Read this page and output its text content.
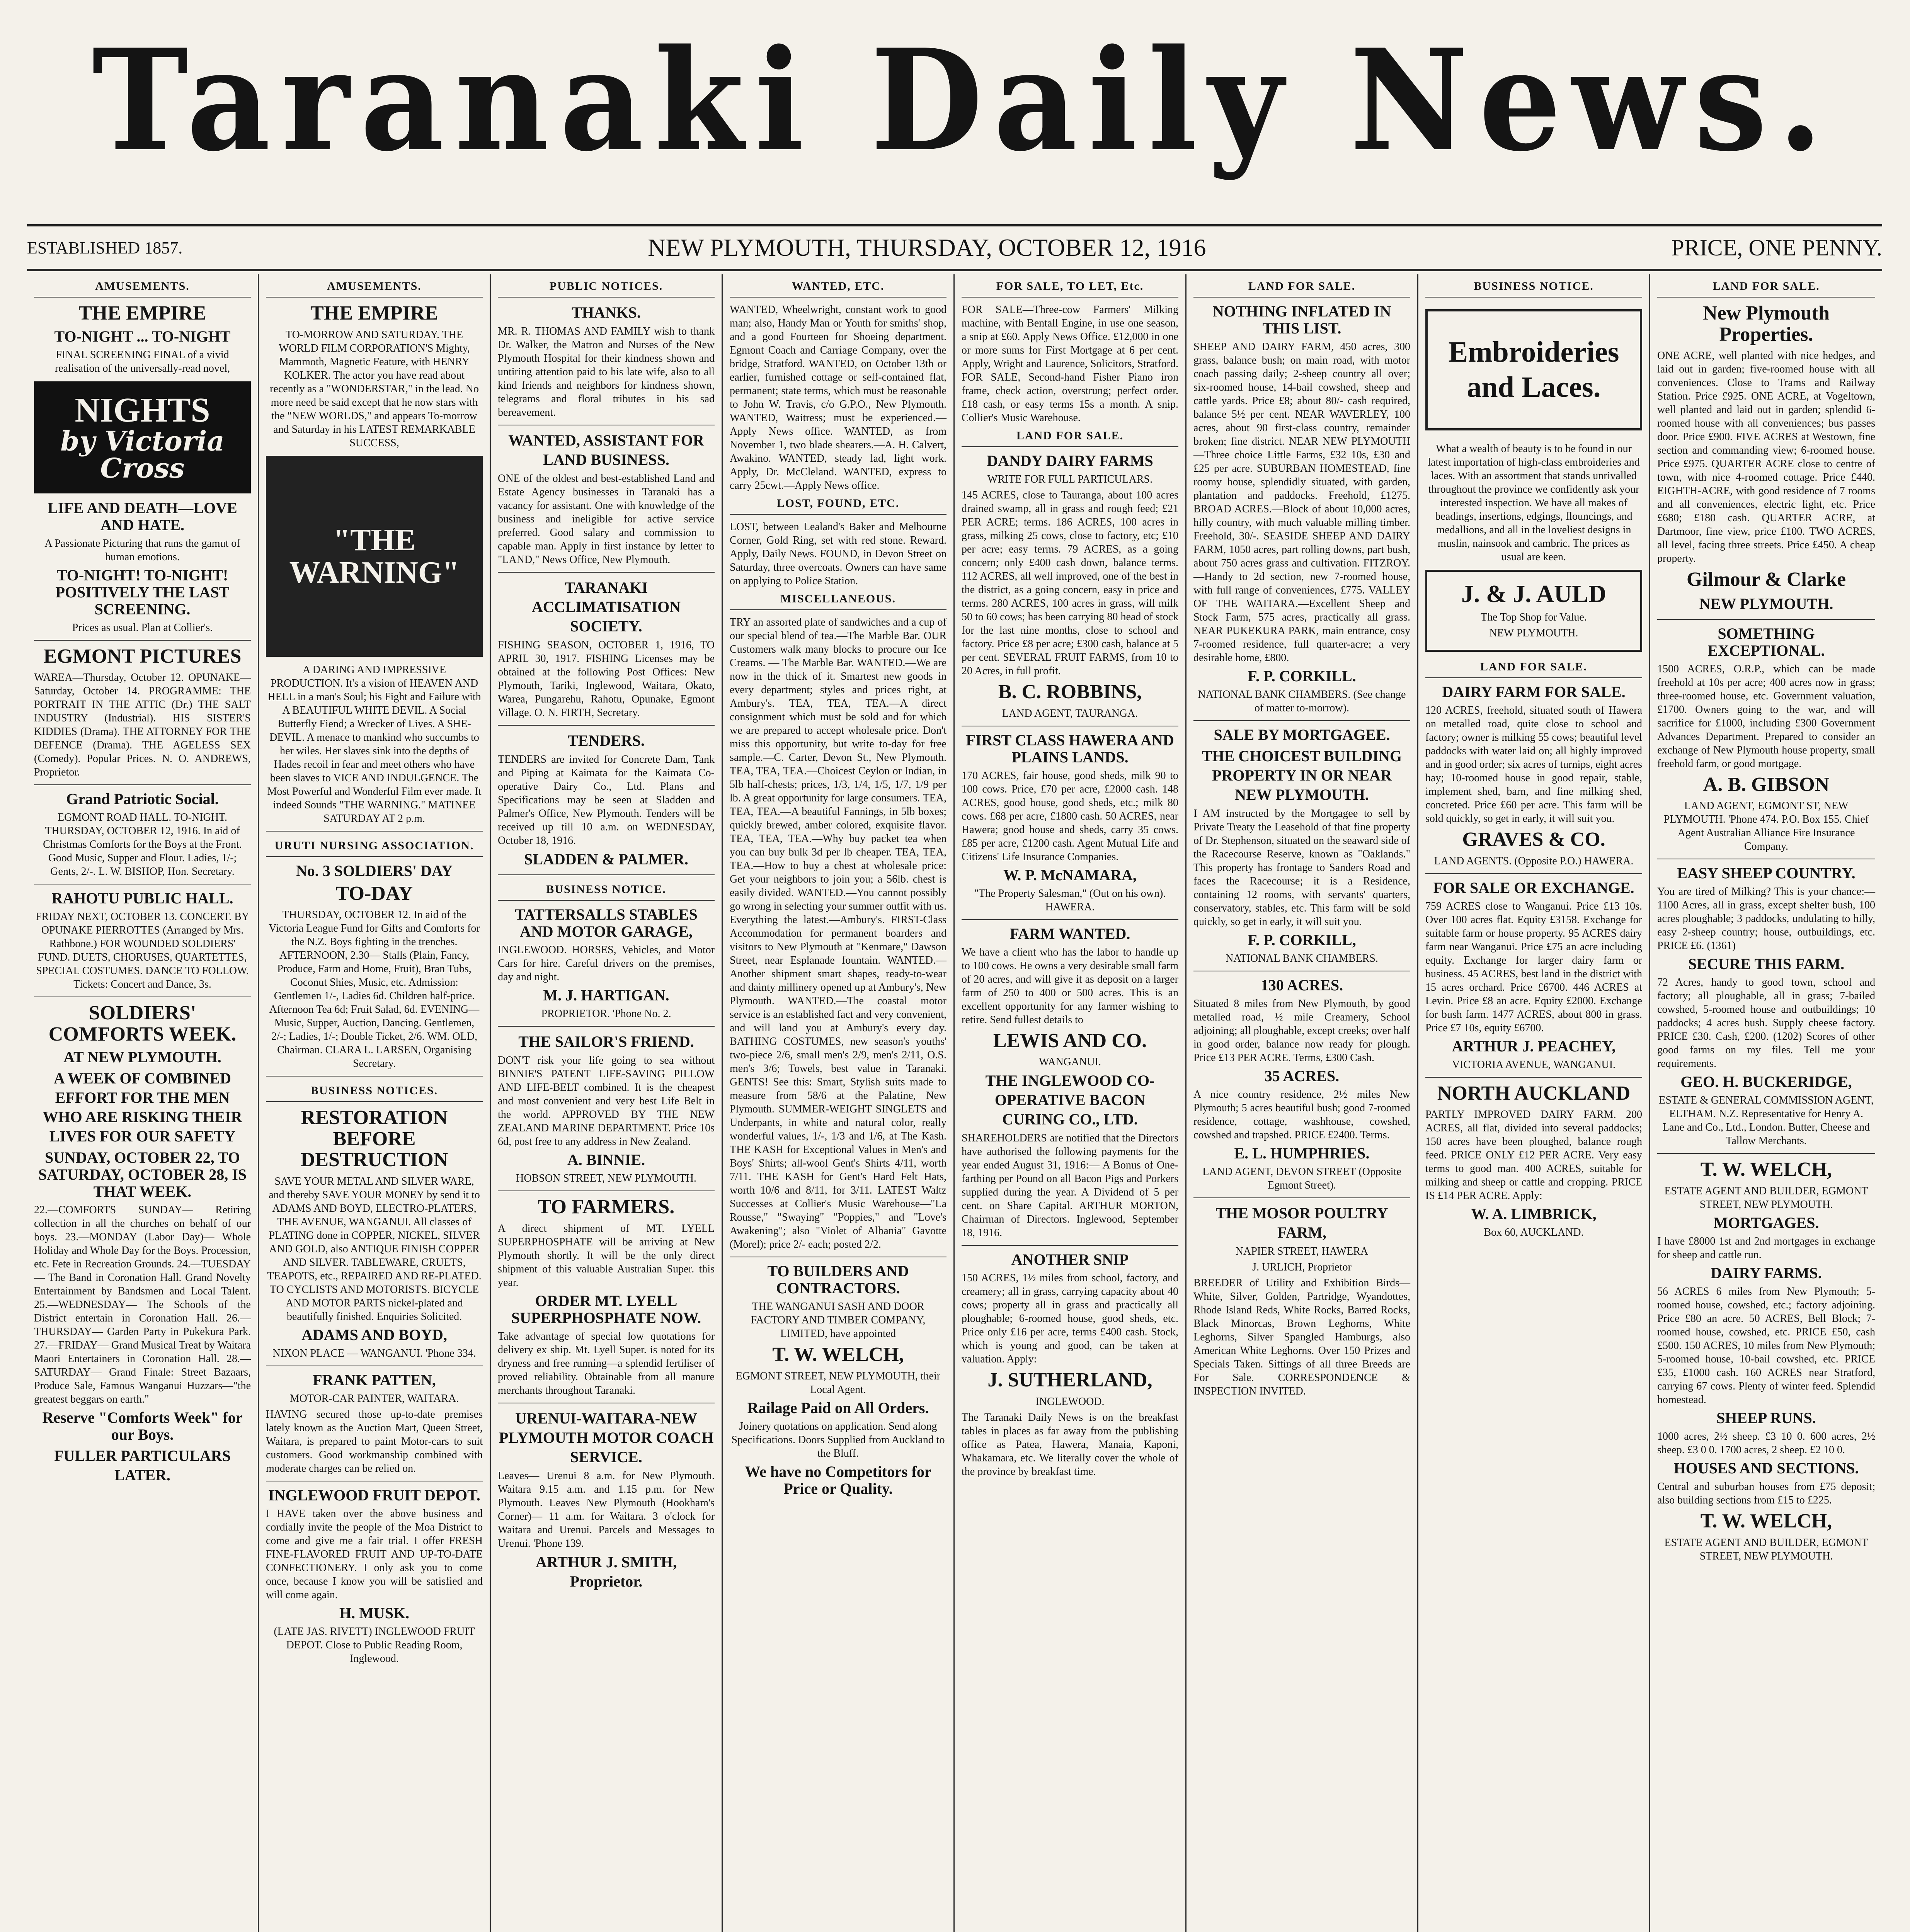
Taranaki Daily News.
ESTABLISHED 1857.	NEW PLYMOUTH, THURSDAY, OCTOBER 12, 1916	PRICE, ONE PENNY.
AMUSEMENTS.
THE EMPIRE
TO-NIGHT ... TO-NIGHT
FINAL SCREENING FINAL of a vivid realisation of the universally-read novel,
NIGHTS
by Victoria Cross
LIFE AND DEATH—LOVE AND HATE.
A Passionate Picturing that runs the gamut of human emotions.
TO-NIGHT! TO-NIGHT! POSITIVELY THE LAST SCREENING.
Prices as usual. Plan at Collier's.
EGMONT PICTURES
WAREA—Thursday, October 12. OPUNAKE—Saturday, October 14. PROGRAMME: THE PORTRAIT IN THE ATTIC (Dr.) THE SALT INDUSTRY (Industrial). HIS SISTER'S KIDDIES (Drama). THE ATTORNEY FOR THE DEFENCE (Drama). THE AGELESS SEX (Comedy). Popular Prices. N. O. ANDREWS, Proprietor.
Grand Patriotic Social.
EGMONT ROAD HALL. TO-NIGHT. THURSDAY, OCTOBER 12, 1916. In aid of Christmas Comforts for the Boys at the Front. Good Music, Supper and Flour. Ladies, 1/-; Gents, 2/-. L. W. BISHOP, Hon. Secretary.
RAHOTU PUBLIC HALL.
FRIDAY NEXT, OCTOBER 13. CONCERT. BY OPUNAKE PIERROTTES (Arranged by Mrs. Rathbone.) FOR WOUNDED SOLDIERS' FUND. DUETS, CHORUSES, QUARTETTES, SPECIAL COSTUMES. DANCE TO FOLLOW. Tickets: Concert and Dance, 3s.
SOLDIERS' COMFORTS WEEK.
AT NEW PLYMOUTH.
A WEEK OF COMBINED EFFORT FOR THE MEN WHO ARE RISKING THEIR LIVES FOR OUR SAFETY
SUNDAY, OCTOBER 22, TO SATURDAY, OCTOBER 28, IS THAT WEEK.
22.—COMFORTS SUNDAY— Retiring collection in all the churches on behalf of our boys. 23.—MONDAY (Labor Day)— Whole Holiday and Whole Day for the Boys. Procession, etc. Fete in Recreation Grounds. 24.—TUESDAY— The Band in Coronation Hall. Grand Novelty Entertainment by Bandsmen and Local Talent. 25.—WEDNESDAY— The Schools of the District entertain in Coronation Hall. 26.—THURSDAY— Garden Party in Pukekura Park. 27.—FRIDAY— Grand Musical Treat by Waitara Maori Entertainers in Coronation Hall. 28.—SATURDAY— Grand Finale: Street Bazaars, Produce Sale, Famous Wanganui Huzzars—"the greatest beggars on earth."
Reserve "Comforts Week" for our Boys.
FULLER PARTICULARS LATER.
AMUSEMENTS.
THE EMPIRE
TO-MORROW AND SATURDAY. THE WORLD FILM CORPORATION'S Mighty, Mammoth, Magnetic Feature, with HENRY KOLKER. The actor you have read about recently as a "WONDERSTAR," in the lead. No more need be said except that he now stars with the "NEW WORLDS," and appears To-morrow and Saturday in his LATEST REMARKABLE SUCCESS,
"THE WARNING"
A DARING AND IMPRESSIVE PRODUCTION. It's a vision of HEAVEN AND HELL in a man's Soul; his Fight and Failure with A BEAUTIFUL WHITE DEVIL. A Social Butterfly Fiend; a Wrecker of Lives. A SHE-DEVIL. A menace to mankind who succumbs to her wiles. Her slaves sink into the depths of Hades recoil in fear and meet others who have been slaves to VICE AND INDULGENCE. The Most Powerful and Wonderful Film ever made. It indeed Sounds "THE WARNING." MATINEE SATURDAY AT 2 p.m.
URUTI NURSING ASSOCIATION.
No. 3 SOLDIERS' DAY
TO-DAY
THURSDAY, OCTOBER 12. In aid of the Victoria League Fund for Gifts and Comforts for the N.Z. Boys fighting in the trenches. AFTERNOON, 2.30— Stalls (Plain, Fancy, Produce, Farm and Home, Fruit), Bran Tubs, Coconut Shies, Music, etc. Admission: Gentlemen 1/-, Ladies 6d. Children half-price. Afternoon Tea 6d; Fruit Salad, 6d. EVENING— Music, Supper, Auction, Dancing. Gentlemen, 2/-; Ladies, 1/-; Double Ticket, 2/6. WM. OLD, Chairman. CLARA L. LARSEN, Organising Secretary.
BUSINESS NOTICES.
RESTORATION BEFORE DESTRUCTION
SAVE YOUR METAL AND SILVER WARE, and thereby SAVE YOUR MONEY by send it to ADAMS AND BOYD, ELECTRO-PLATERS, THE AVENUE, WANGANUI. All classes of PLATING done in COPPER, NICKEL, SILVER AND GOLD, also ANTIQUE FINISH COPPER AND SILVER. TABLEWARE, CRUETS, TEAPOTS, etc., REPAIRED AND RE-PLATED. TO CYCLISTS AND MOTORISTS. BICYCLE AND MOTOR PARTS nickel-plated and beautifully finished. Enquiries Solicited.
ADAMS AND BOYD,
NIXON PLACE — WANGANUI. 'Phone 334.
FRANK PATTEN,
MOTOR-CAR PAINTER, WAITARA.
HAVING secured those up-to-date premises lately known as the Auction Mart, Queen Street, Waitara, is prepared to paint Motor-cars to suit customers. Good workmanship combined with moderate charges can be relied on.
INGLEWOOD FRUIT DEPOT.
I HAVE taken over the above business and cordially invite the people of the Moa District to come and give me a fair trial. I offer FRESH FINE-FLAVORED FRUIT AND UP-TO-DATE CONFECTIONERY. I only ask you to come once, because I know you will be satisfied and will come again.
H. MUSK.
(LATE JAS. RIVETT) INGLEWOOD FRUIT DEPOT. Close to Public Reading Room, Inglewood.
PUBLIC NOTICES.
THANKS.
MR. R. THOMAS AND FAMILY wish to thank Dr. Walker, the Matron and Nurses of the New Plymouth Hospital for their kindness shown and untiring attention paid to his late wife, also to all kind friends and neighbors for kindness shown, telegrams and floral tributes in his sad bereavement.
WANTED, ASSISTANT FOR LAND BUSINESS.
ONE of the oldest and best-established Land and Estate Agency businesses in Taranaki has a vacancy for assistant. One with knowledge of the business and ineligible for active service preferred. Good salary and commission to capable man. Apply in first instance by letter to "LAND," News Office, New Plymouth.
TARANAKI ACCLIMATISATION SOCIETY.
FISHING SEASON, OCTOBER 1, 1916, TO APRIL 30, 1917. FISHING Licenses may be obtained at the following Post Offices: New Plymouth, Tariki, Inglewood, Waitara, Okato, Warea, Pungarehu, Rahotu, Opunake, Egmont Village. O. N. FIRTH, Secretary.
TENDERS.
TENDERS are invited for Concrete Dam, Tank and Piping at Kaimata for the Kaimata Co-operative Dairy Co., Ltd. Plans and Specifications may be seen at Sladden and Palmer's Office, New Plymouth. Tenders will be received up till 10 a.m. on WEDNESDAY, October 18, 1916.
SLADDEN & PALMER.
BUSINESS NOTICE.
TATTERSALLS STABLES AND MOTOR GARAGE,
INGLEWOOD. HORSES, Vehicles, and Motor Cars for hire. Careful drivers on the premises, day and night.
M. J. HARTIGAN.
PROPRIETOR. 'Phone No. 2.
THE SAILOR'S FRIEND.
DON'T risk your life going to sea without BINNIE'S PATENT LIFE-SAVING PILLOW AND LIFE-BELT combined. It is the cheapest and most convenient and very best Life Belt in the world. APPROVED BY THE NEW ZEALAND MARINE DEPARTMENT. Price 10s 6d, post free to any address in New Zealand.
A. BINNIE.
HOBSON STREET, NEW PLYMOUTH.
TO FARMERS.
A direct shipment of MT. LYELL SUPERPHOSPHATE will be arriving at New Plymouth shortly. It will be the only direct shipment of this valuable Australian Super. this year.
ORDER MT. LYELL SUPERPHOSPHATE NOW.
Take advantage of special low quotations for delivery ex ship. Mt. Lyell Super. is noted for its dryness and free running—a splendid fertiliser of proved reliability. Obtainable from all manure merchants throughout Taranaki.
URENUI-WAITARA-NEW PLYMOUTH MOTOR COACH SERVICE.
Leaves— Urenui 8 a.m. for New Plymouth. Waitara 9.15 a.m. and 1.15 p.m. for New Plymouth. Leaves New Plymouth (Hookham's Corner)— 11 a.m. for Waitara. 3 o'clock for Waitara and Urenui. Parcels and Messages to Urenui. 'Phone 139.
ARTHUR J. SMITH, Proprietor.
WANTED, ETC.
WANTED, Wheelwright, constant work to good man; also, Handy Man or Youth for smiths' shop, and a good Fourteen for Shoeing department. Egmont Coach and Carriage Company, over the bridge, Stratford. WANTED, on October 13th or earlier, furnished cottage or self-contained flat, permanent; state terms, which must be reasonable to John W. Travis, c/o G.P.O., New Plymouth. WANTED, Waitress; must be experienced.—Apply News office. WANTED, as from November 1, two blade shearers.—A. H. Calvert, Awakino. WANTED, steady lad, light work. Apply, Dr. McCleland. WANTED, express to carry 25cwt.—Apply News office.
LOST, FOUND, ETC.
LOST, between Lealand's Baker and Melbourne Corner, Gold Ring, set with red stone. Reward. Apply, Daily News. FOUND, in Devon Street on Saturday, three overcoats. Owners can have same on applying to Police Station.
MISCELLANEOUS.
TRY an assorted plate of sandwiches and a cup of our special blend of tea.—The Marble Bar. OUR Customers walk many blocks to procure our Ice Creams. — The Marble Bar. WANTED.—We are now in the thick of it. Smartest new goods in every department; styles and prices right, at Ambury's. TEA, TEA, TEA.—A direct consignment which must be sold and for which we are prepared to accept wholesale price. Don't miss this opportunity, but write to-day for free sample.—C. Carter, Devon St., New Plymouth. TEA, TEA, TEA.—Choicest Ceylon or Indian, in 5lb half-chests; prices, 1/3, 1/4, 1/5, 1/7, 1/9 per lb. A great opportunity for large consumers. TEA, TEA, TEA.—A beautiful Fannings, in 5lb boxes; quickly brewed, amber colored, exquisite flavor. TEA, TEA, TEA.—Why buy packet tea when you can buy bulk 3d per lb cheaper. TEA, TEA, TEA.—How to buy a chest at wholesale price: Get your neighbors to join you; a 56lb. chest is easily divided. WANTED.—You cannot possibly go wrong in selecting your summer outfit with us. Everything the latest.—Ambury's. FIRST-Class Accommodation for permanent boarders and visitors to New Plymouth at "Kenmare," Dawson Street, near Esplanade fountain. WANTED.—Another shipment smart shapes, ready-to-wear and dainty millinery opened up at Ambury's, New Plymouth. WANTED.—The coastal motor service is an established fact and very convenient, and will land you at Ambury's every day. BATHING COSTUMES, new season's youths' two-piece 2/6, small men's 2/9, men's 2/11, O.S. men's 3/6; Towels, best value in Taranaki. GENTS! See this: Smart, Stylish suits made to measure from 58/6 at the Palatine, New Plymouth. SUMMER-WEIGHT SINGLETS and Underpants, in white and natural color, really wonderful values, 1/-, 1/3 and 1/6, at The Kash. THE KASH for Exceptional Values in Men's and Boys' Shirts; all-wool Gent's Shirts 4/11, worth 7/11. THE KASH for Gent's Hard Felt Hats, worth 10/6 and 8/11, for 3/11. LATEST Waltz Successes at Collier's Music Warehouse—"La Rousse," "Swaying" "Poppies," and "Love's Awakening"; also "Violet of Albania" Gavotte (Morel); price 2/- each; posted 2/2.
TO BUILDERS AND CONTRACTORS.
THE WANGANUI SASH AND DOOR FACTORY AND TIMBER COMPANY, LIMITED, have appointed
T. W. WELCH,
EGMONT STREET, NEW PLYMOUTH, their Local Agent.
Railage Paid on All Orders.
Joinery quotations on application. Send along Specifications. Doors Supplied from Auckland to the Bluff.
We have no Competitors for Price or Quality.
FOR SALE, TO LET, Etc.
FOR SALE—Three-cow Farmers' Milking machine, with Bentall Engine, in use one season, a snip at £60. Apply News Office. £12,000 in one or more sums for First Mortgage at 6 per cent. Apply, Wright and Laurence, Solicitors, Stratford. FOR SALE, Second-hand Fisher Piano iron frame, check action, overstrung; perfect order. £18 cash, or easy terms 15s a month. A snip. Collier's Music Warehouse.
LAND FOR SALE.
DANDY DAIRY FARMS
WRITE FOR FULL PARTICULARS.
145 ACRES, close to Tauranga, about 100 acres drained swamp, all in grass and rough feed; £21 PER ACRE; terms. 186 ACRES, 100 acres in grass, milking 25 cows, close to factory, etc; £10 per acre; easy terms. 79 ACRES, as a going concern; only £400 cash down, balance terms. 112 ACRES, all well improved, one of the best in the district, as a going concern, easy in price and terms. 280 ACRES, 100 acres in grass, will milk 50 to 60 cows; has been carrying 80 head of stock for the last nine months, close to school and factory. Price £8 per acre; £300 cash, balance at 5 per cent. SEVERAL FRUIT FARMS, from 10 to 20 Acres, in full profit.
B. C. ROBBINS,
LAND AGENT, TAURANGA.
FIRST CLASS HAWERA AND PLAINS LANDS.
170 ACRES, fair house, good sheds, milk 90 to 100 cows. Price, £70 per acre, £2000 cash. 148 ACRES, good house, good sheds, etc.; milk 80 cows. £68 per acre, £1800 cash. 50 ACRES, near Hawera; good house and sheds, carry 35 cows. £85 per acre, £1200 cash. Agent Mutual Life and Citizens' Life Insurance Companies.
W. P. McNAMARA,
"The Property Salesman," (Out on his own). HAWERA.
FARM WANTED.
We have a client who has the labor to handle up to 100 cows. He owns a very desirable small farm of 20 acres, and will give it as deposit on a larger farm of 250 to 400 or 500 acres. This is an excellent opportunity for any farmer wishing to retire. Send fullest details to
LEWIS AND CO.
WANGANUI.
THE INGLEWOOD CO-OPERATIVE BACON CURING CO., LTD.
SHAREHOLDERS are notified that the Directors have authorised the following payments for the year ended August 31, 1916:— A Bonus of One-farthing per Pound on all Bacon Pigs and Porkers supplied during the year. A Dividend of 5 per cent. on Share Capital. ARTHUR MORTON, Chairman of Directors. Inglewood, September 18, 1916.
ANOTHER SNIP
150 ACRES, 1½ miles from school, factory, and creamery; all in grass, carrying capacity about 40 cows; property all in grass and practically all ploughable; 6-roomed house, good sheds, etc. Price only £16 per acre, terms £400 cash. Stock, which is young and good, can be taken at valuation. Apply:
J. SUTHERLAND,
INGLEWOOD.
The Taranaki Daily News is on the breakfast tables in places as far away from the publishing office as Patea, Hawera, Manaia, Kaponi, Whakamara, etc. We literally cover the whole of the province by breakfast time.
LAND FOR SALE.
NOTHING INFLATED IN THIS LIST.
SHEEP AND DAIRY FARM, 450 acres, 300 grass, balance bush; on main road, with motor coach passing daily; 2-sheep country all over; six-roomed house, 14-bail cowshed, sheep and cattle yards. Price £8; about 80/- cash required, balance 5½ per cent. NEAR WAVERLEY, 100 acres, about 90 first-class country, remainder broken; fine district. NEAR NEW PLYMOUTH—Three choice Little Farms, £32 10s, £30 and £25 per acre. SUBURBAN HOMESTEAD, fine roomy house, splendidly situated, with garden, plantation and paddocks. Freehold, £1275. BROAD ACRES.—Block of about 10,000 acres, hilly country, with much valuable milling timber. Freehold, 30/-. SEASIDE SHEEP AND DAIRY FARM, 1050 acres, part rolling downs, part bush, about 750 acres grass and cultivation. FITZROY.—Handy to 2d section, new 7-roomed house, with full range of conveniences, £775. VALLEY OF THE WAITARA.—Excellent Sheep and Stock Farm, 575 acres, practically all grass. NEAR PUKEKURA PARK, main entrance, cosy 7-roomed residence, full quarter-acre; a very desirable home, £800.
F. P. CORKILL.
NATIONAL BANK CHAMBERS. (See change of matter to-morrow).
SALE BY MORTGAGEE.
THE CHOICEST BUILDING PROPERTY IN OR NEAR NEW PLYMOUTH.
I AM instructed by the Mortgagee to sell by Private Treaty the Leasehold of that fine property of Dr. Stephenson, situated on the seaward side of the Racecourse Reserve, known as "Oaklands." This property has frontage to Sanders Road and faces the Racecourse; it is a Residence, containing 12 rooms, with servants' quarters, conservatory, stables, etc. This farm will be sold quickly, so get in early, it will suit you.
F. P. CORKILL,
NATIONAL BANK CHAMBERS.
130 ACRES.
Situated 8 miles from New Plymouth, by good metalled road, ½ mile Creamery, School adjoining; all ploughable, except creeks; over half in good order, balance now ready for plough. Price £13 PER ACRE. Terms, £300 Cash.
35 ACRES.
A nice country residence, 2½ miles New Plymouth; 5 acres beautiful bush; good 7-roomed residence, cottage, washhouse, cowshed, cowshed and trapshed. PRICE £2400. Terms.
E. L. HUMPHRIES.
LAND AGENT, DEVON STREET (Opposite Egmont Street).
THE MOSOR POULTRY FARM,
NAPIER STREET, HAWERA
J. URLICH, Proprietor
BREEDER of Utility and Exhibition Birds—White, Silver, Golden, Partridge, Wyandottes, Rhode Island Reds, White Rocks, Barred Rocks, Black Minorcas, Brown Leghorns, White Leghorns, Silver Spangled Hamburgs, also American White Leghorns. Over 150 Prizes and Specials Taken. Sittings of all three Breeds are For Sale. CORRESPONDENCE & INSPECTION INVITED.
BUSINESS NOTICE.
Embroideries and Laces.
What a wealth of beauty is to be found in our latest importation of high-class embroideries and laces. With an assortment that stands unrivalled throughout the province we confidently ask your interested inspection. We have all makes of beadings, insertions, edgings, flouncings, and medallions, and all in the loveliest designs in muslin, nainsook and cambric. The prices as usual are keen.
J. & J. AULD
The Top Shop for Value.
NEW PLYMOUTH.
LAND FOR SALE.
DAIRY FARM FOR SALE.
120 ACRES, freehold, situated south of Hawera on metalled road, quite close to school and factory; owner is milking 55 cows; beautiful level paddocks with water laid on; all highly improved and in good order; six acres of turnips, eight acres hay; 10-roomed house in good repair, stable, implement shed, barn, and fine milking shed, concreted. Price £60 per acre. This farm will be sold quickly, so get in early, it will suit you.
GRAVES & CO.
LAND AGENTS. (Opposite P.O.) HAWERA.
FOR SALE OR EXCHANGE.
759 ACRES close to Wanganui. Price £13 10s. Over 100 acres flat. Equity £3158. Exchange for suitable farm or house property. 95 ACRES dairy farm near Wanganui. Price £75 an acre including equity. Exchange for larger dairy farm or business. 45 ACRES, best land in the district with 15 acres orchard. Price £6700. 446 ACRES at Levin. Price £8 an acre. Equity £2000. Exchange for bush farm. 1477 ACRES, about 800 in grass. Price £7 10s, equity £6700.
ARTHUR J. PEACHEY,
VICTORIA AVENUE, WANGANUI.
NORTH AUCKLAND
PARTLY IMPROVED DAIRY FARM. 200 ACRES, all flat, divided into several paddocks; 150 acres have been ploughed, balance rough feed. PRICE ONLY £12 PER ACRE. Very easy terms to good man. 400 ACRES, suitable for milking and sheep or cattle and cropping. PRICE IS £14 PER ACRE. Apply:
W. A. LIMBRICK,
Box 60, AUCKLAND.
LAND FOR SALE.
New Plymouth Properties.
ONE ACRE, well planted with nice hedges, and laid out in garden; five-roomed house with all conveniences. Close to Trams and Railway Station. Price £925. ONE ACRE, at Vogeltown, well planted and laid out in garden; splendid 6-roomed house with all conveniences; bus passes door. Price £900. FIVE ACRES at Westown, fine section and commanding view; 6-roomed house. Price £975. QUARTER ACRE close to centre of town, with nice 4-roomed cottage. Price £440. EIGHTH-ACRE, with good residence of 7 rooms and all conveniences, electric light, etc. Price £680; £180 cash. QUARTER ACRE, at Dartmoor, fine view, price £100. TWO ACRES, all level, facing three streets. Price £450. A cheap property.
Gilmour & Clarke
NEW PLYMOUTH.
SOMETHING EXCEPTIONAL.
1500 ACRES, O.R.P., which can be made freehold at 10s per acre; 400 acres now in grass; three-roomed house, etc. Government valuation, £1700. Owners going to the war, and will sacrifice for £1000, including £300 Government Advances Department. Prepared to consider an exchange of New Plymouth house property, small freehold farm, or good mortgage.
A. B. GIBSON
LAND AGENT, EGMONT ST, NEW PLYMOUTH. 'Phone 474. P.O. Box 155. Chief Agent Australian Alliance Fire Insurance Company.
EASY SHEEP COUNTRY.
You are tired of Milking? This is your chance:—1100 Acres, all in grass, except shelter bush, 100 acres ploughable; 3 paddocks, undulating to hilly, easy 2-sheep country; house, outbuildings, etc. PRICE £6. (1361)
SECURE THIS FARM.
72 Acres, handy to good town, school and factory; all ploughable, all in grass; 7-bailed cowshed, 5-roomed house and outbuildings; 10 paddocks; 4 acres bush. Supply cheese factory. PRICE £30. Cash, £200. (1202) Scores of other good farms on my files. Tell me your requirements.
GEO. H. BUCKERIDGE,
ESTATE & GENERAL COMMISSION AGENT, ELTHAM. N.Z. Representative for Henry A. Lane and Co., Ltd., London. Butter, Cheese and Tallow Merchants.
T. W. WELCH,
ESTATE AGENT AND BUILDER, EGMONT STREET, NEW PLYMOUTH.
MORTGAGES.
I have £8000 1st and 2nd mortgages in exchange for sheep and cattle run.
DAIRY FARMS.
56 ACRES 6 miles from New Plymouth; 5-roomed house, cowshed, etc.; factory adjoining. Price £80 an acre. 50 ACRES, Bell Block; 7-roomed house, cowshed, etc. PRICE £50, cash £500. 150 ACRES, 10 miles from New Plymouth; 5-roomed house, 10-bail cowshed, etc. PRICE £35, £1000 cash. 160 ACRES near Stratford, carrying 67 cows. Plenty of winter feed. Splendid homestead.
SHEEP RUNS.
1000 acres, 2½ sheep. £3 10 0. 600 acres, 2½ sheep. £3 0 0. 1700 acres, 2 sheep. £2 10 0.
HOUSES AND SECTIONS.
Central and suburban houses from £75 deposit; also building sections from £15 to £225.
T. W. WELCH,
ESTATE AGENT AND BUILDER, EGMONT STREET, NEW PLYMOUTH.
